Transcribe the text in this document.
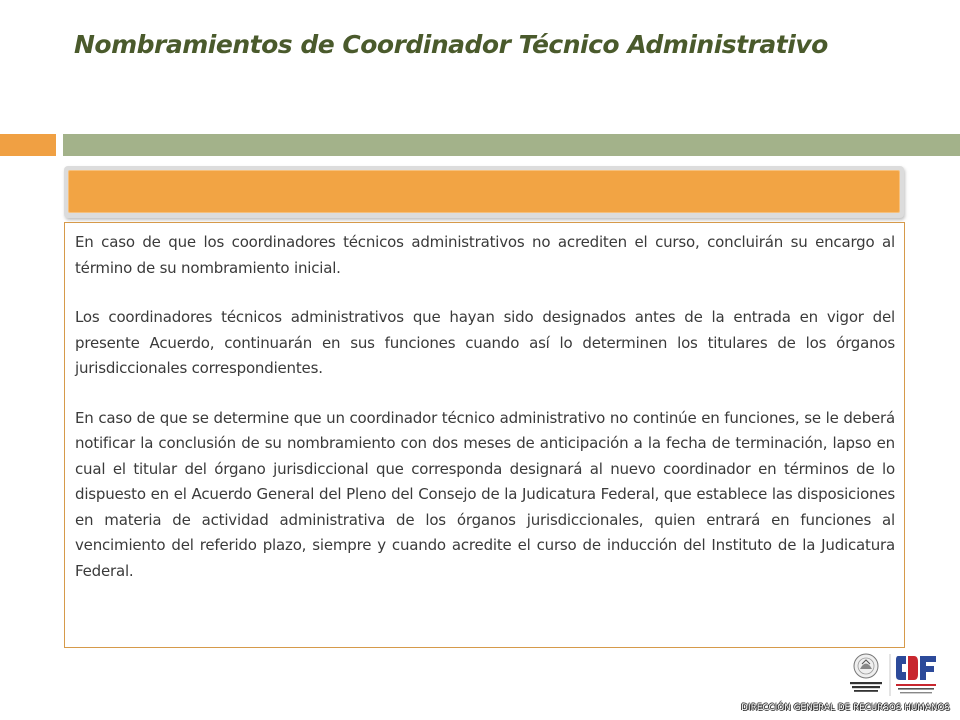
Nombramientos de Coordinador Técnico Administrativo

En caso de que los coordinadores técnicos administrativos no acrediten el curso, concluirán su encargo al término de su nombramiento inicial.

Los coordinadores técnicos administrativos que hayan sido designados antes de la entrada en vigor del presente Acuerdo, continuarán en sus funciones cuando así lo determinen los titulares de los órganos jurisdiccionales correspondientes.

En caso de que se determine que un coordinador técnico administrativo no continúe en funciones, se le deberá notificar la conclusión de su nombramiento con dos meses de anticipación a la fecha de terminación, lapso en cual el titular del órgano jurisdiccional que corresponda designará al nuevo coordinador en términos de lo dispuesto en el Acuerdo General del Pleno del Consejo de la Judicatura Federal, que establece las disposiciones en materia de actividad administrativa de los órganos jurisdiccionales, quien entrará en funciones al vencimiento del referido plazo, siempre y cuando acredite el curso de inducción del Instituto de la Judicatura Federal.

DIRECCIÓN GENERAL DE RECURSOS HUMANOS
